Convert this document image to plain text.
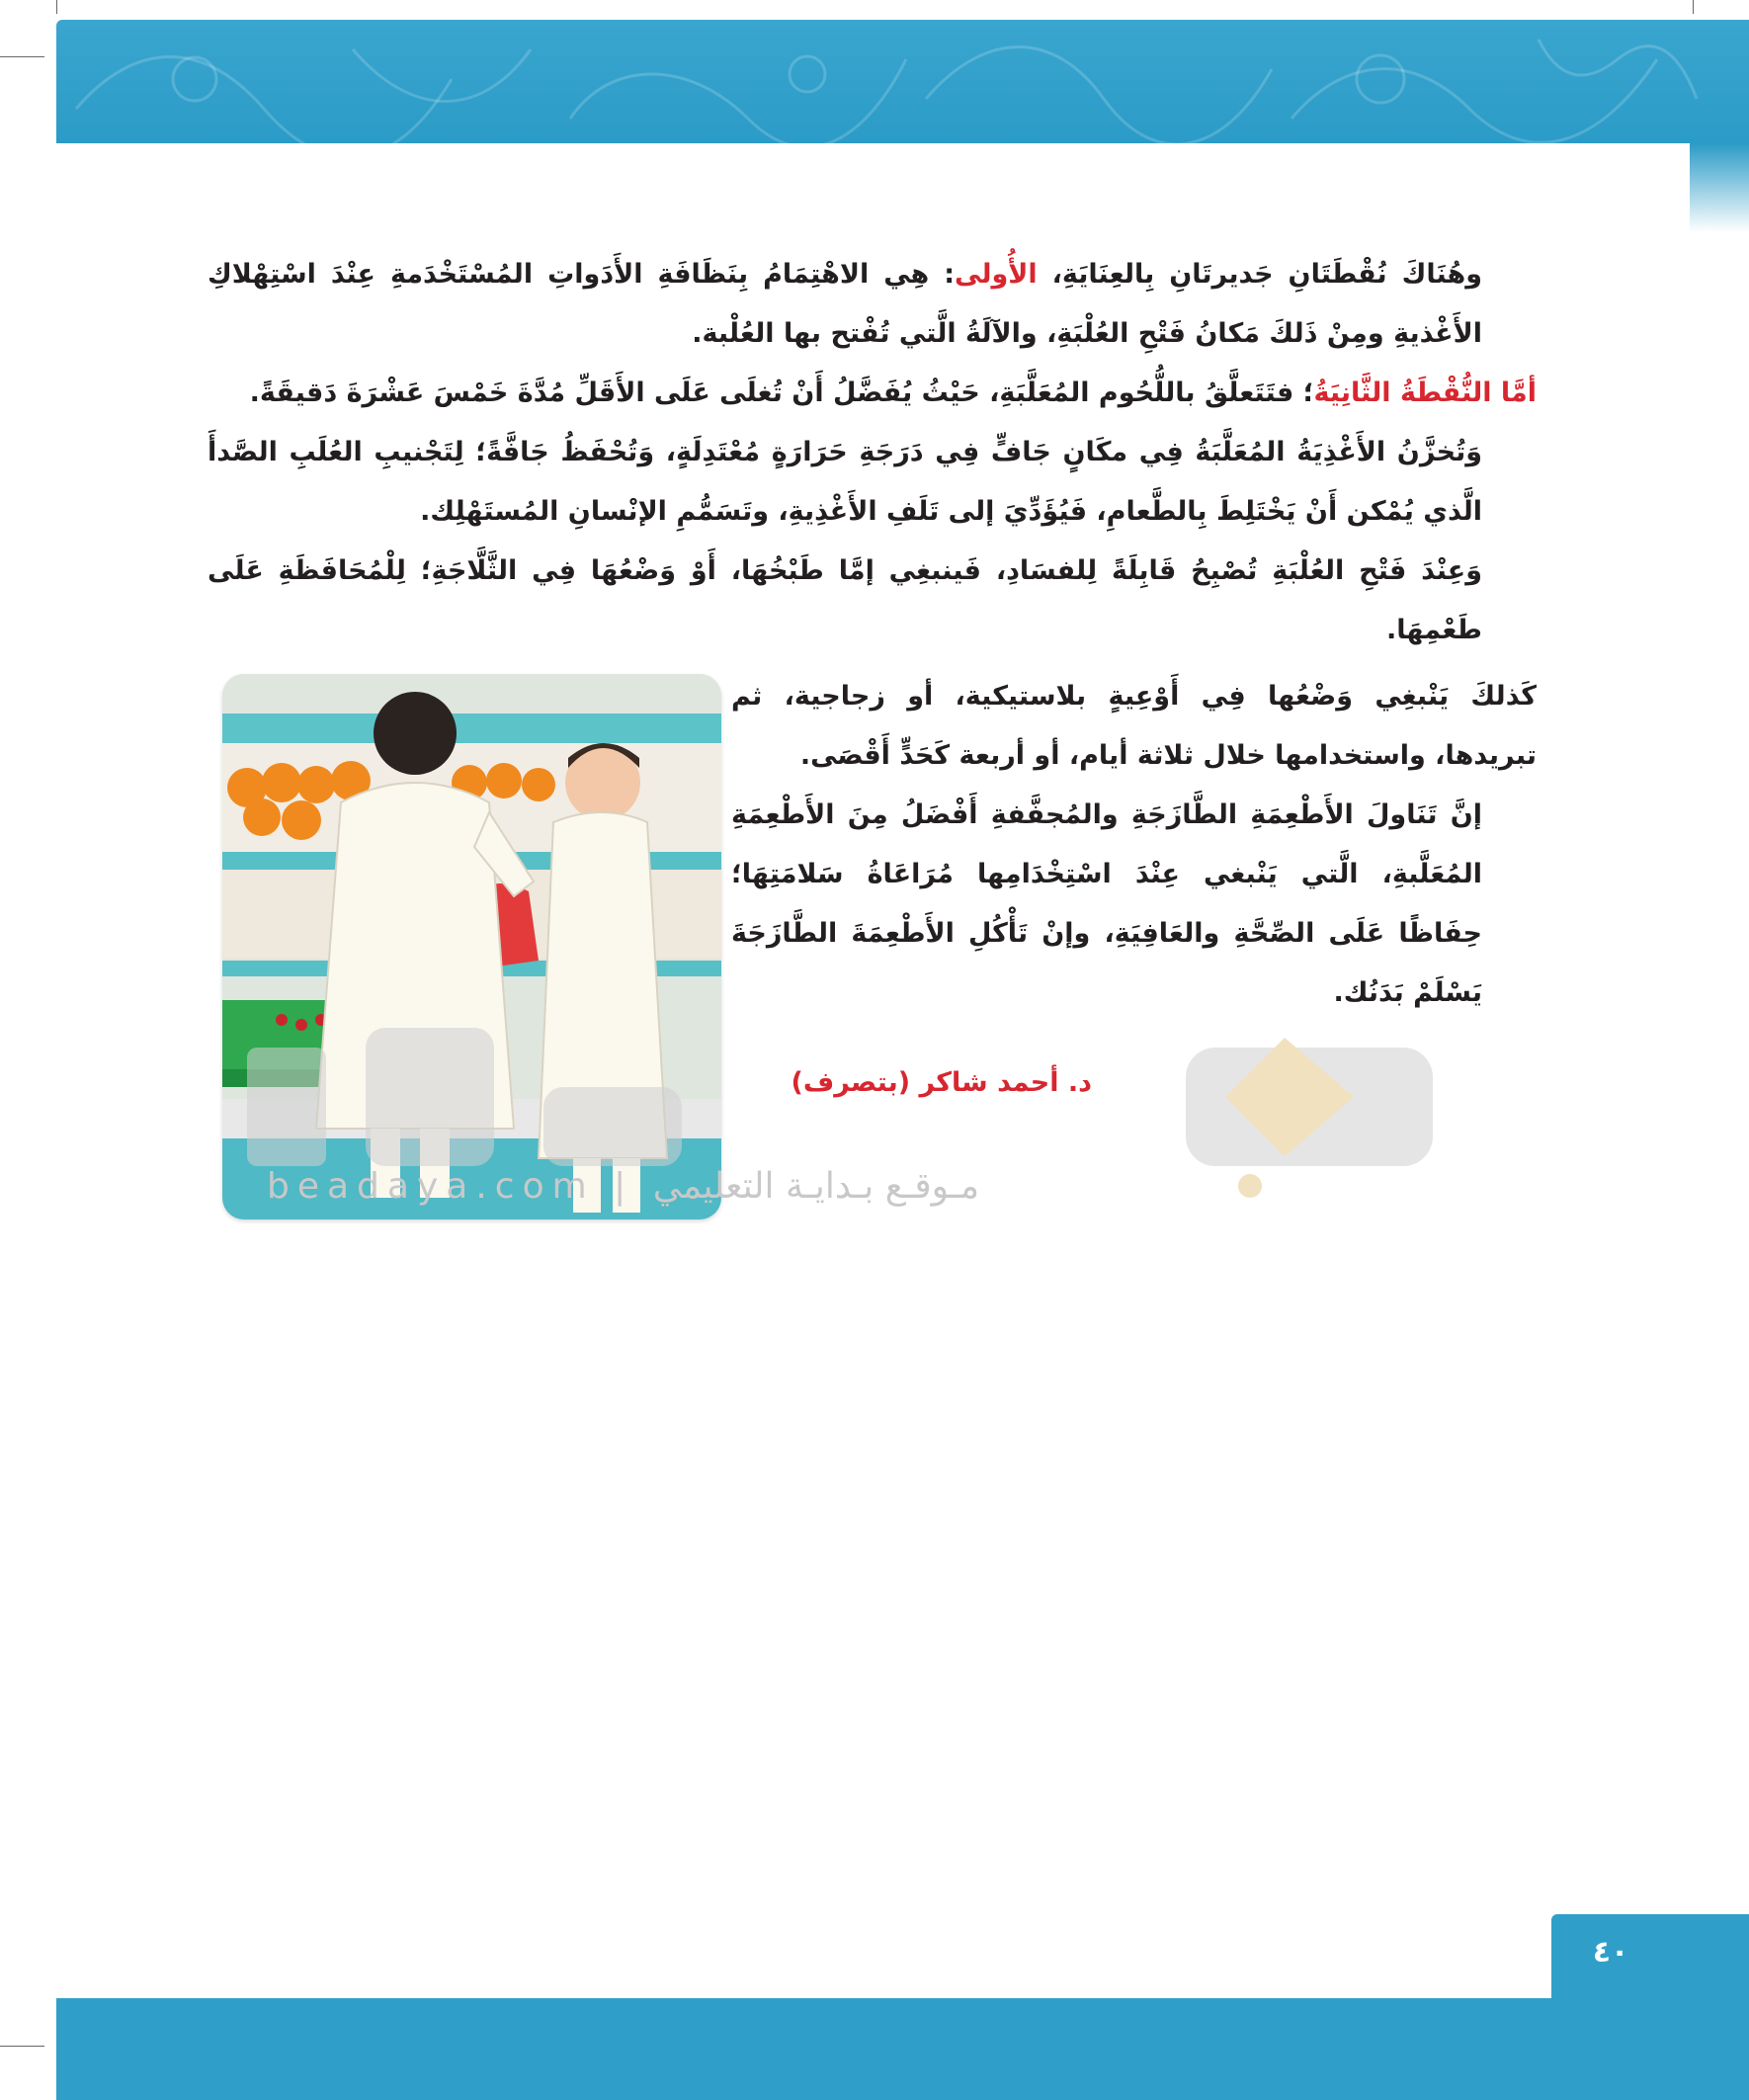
وهُنَاكَ نُقْطَتَانِ جَديرتَانِ بِالعِنَايَةِ، الأُولى: هِي الاهْتِمَامُ بِنَظَافَةِ الأَدَواتِ المُسْتَخْدَمةِ عِنْدَ اسْتِهْلاكِ الأَغْذيةِ ومِنْ ذَلكَ مَكانُ فَتْحِ العُلْبَةِ، والآلَةُ الَّتي تُفْتح بها العُلْبة.

أمَّا النُّقْطَةُ الثَّانِيَةُ؛ فتَتَعلَّقُ باللُّحُوم المُعَلَّبَةِ، حَيْثُ يُفَضَّلُ أَنْ تُغلَى عَلَى الأَقَلِّ مُدَّةَ خَمْسَ عَشْرَةَ دَقيقَةً.

وَتُخزَّنُ الأَغْذِيَةُ المُعَلَّبَةُ فِي مكَانٍ جَافٍّ فِي دَرَجَةِ حَرَارَةٍ مُعْتَدِلَةٍ، وَتُحْفَظُ جَافَّةً؛ لِتَجْنيبِ العُلَبِ الصَّدأَ الَّذي يُمْكن أَنْ يَخْتَلِطَ بِالطَّعامِ، فَيُؤَدِّيَ إلى تَلَفِ الأَغْذِيةِ، وتَسَمُّمِ الإنْسانِ المُستَهْلِك.

وَعِنْدَ فَتْحِ العُلْبَةِ تُصْبِحُ قَابِلَةً لِلفسَادِ، فَينبغِي إمَّا طَبْخُهَا، أَوْ وَضْعُهَا فِي الثَّلَّاجَةِ؛ لِلْمُحَافَظَةِ عَلَى طَعْمِهَا.

كَذلكَ يَنْبغِي وَضْعُها فِي أَوْعِيةٍ بلاستيكية، أو زجاجية، ثم تبريدها، واستخدامها خلال ثلاثة أيام، أو أربعة كَحَدٍّ أَقْصَى.

إنَّ تَنَاولَ الأَطْعِمَةِ الطَّازَجَةِ والمُجفَّفةِ أَفْضَلُ مِنَ الأَطْعِمَةِ المُعَلَّبةِ، الَّتي يَنْبغي عِنْدَ اسْتِخْدَامِها مُرَاعَاةُ سَلامَتِهَا؛ حِفَاظًا عَلَى الصِّحَّةِ والعَافِيَةِ، وإنْ تَأْكُلِ الأَطْعِمَةَ الطَّازَجَةَ يَسْلَمْ بَدَنُك.

د. أحمد شاكر (بتصرف)
beadaya.com | مـوقـع بـدايـة التعليمي
٤٠
